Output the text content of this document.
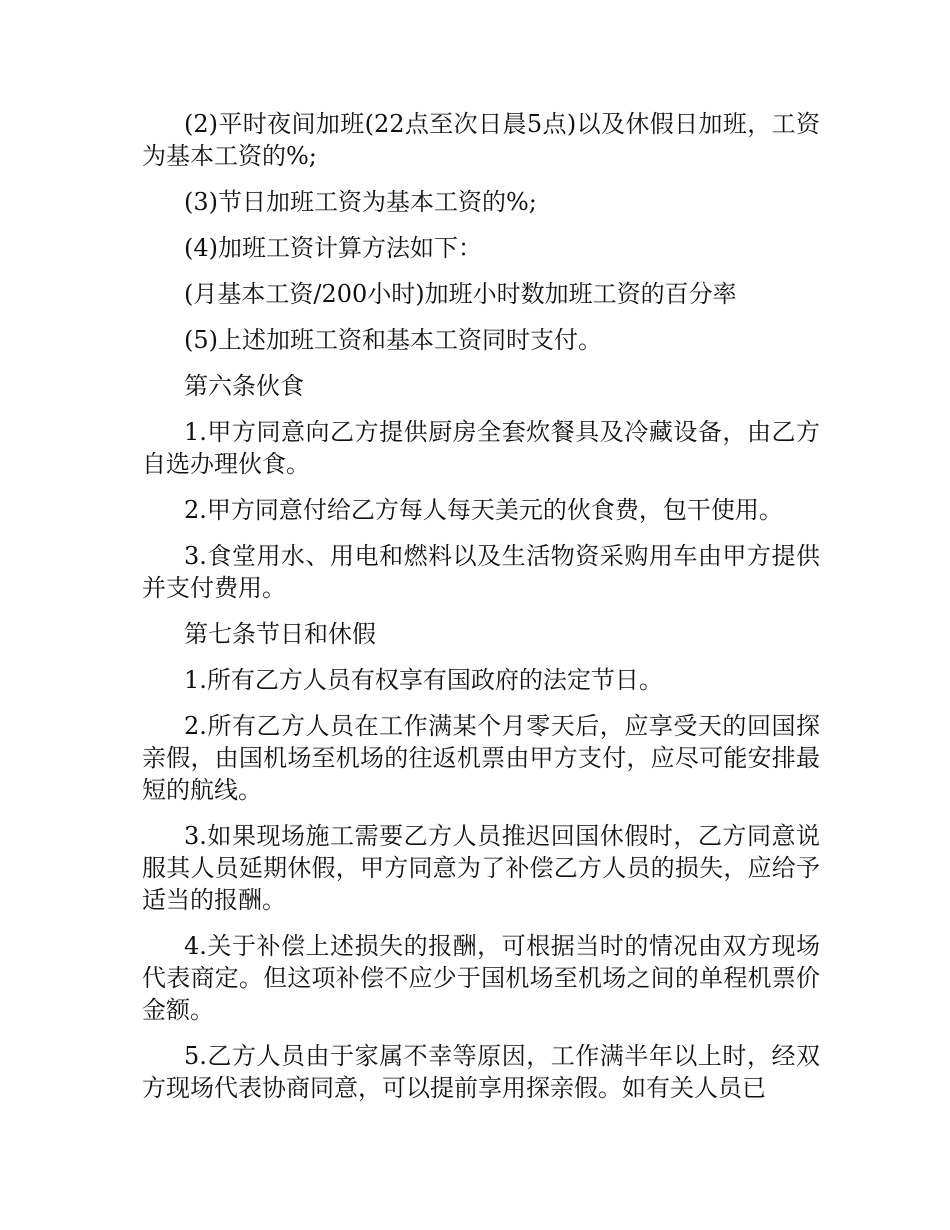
(2)平时夜间加班(22点至次日晨5点)以及休假日加班，工资为基本工资的%;

(3)节日加班工资为基本工资的%;

(4)加班工资计算方法如下：

(月基本工资/200小时)加班小时数加班工资的百分率

(5)上述加班工资和基本工资同时支付。

第六条伙食

1.甲方同意向乙方提供厨房全套炊餐具及冷藏设备，由乙方自选办理伙食。

2.甲方同意付给乙方每人每天美元的伙食费，包干使用。

3.食堂用水、用电和燃料以及生活物资采购用车由甲方提供并支付费用。

第七条节日和休假

1.所有乙方人员有权享有国政府的法定节日。

2.所有乙方人员在工作满某个月零天后，应享受天的回国探亲假，由国机场至机场的往返机票由甲方支付，应尽可能安排最短的航线。

3.如果现场施工需要乙方人员推迟回国休假时，乙方同意说服其人员延期休假，甲方同意为了补偿乙方人员的损失，应给予适当的报酬。

4.关于补偿上述损失的报酬，可根据当时的情况由双方现场代表商定。但这项补偿不应少于国机场至机场之间的单程机票价金额。

5.乙方人员由于家属不幸等原因，工作满半年以上时，经双方现场代表协商同意，可以提前享用探亲假。如有关人员已
